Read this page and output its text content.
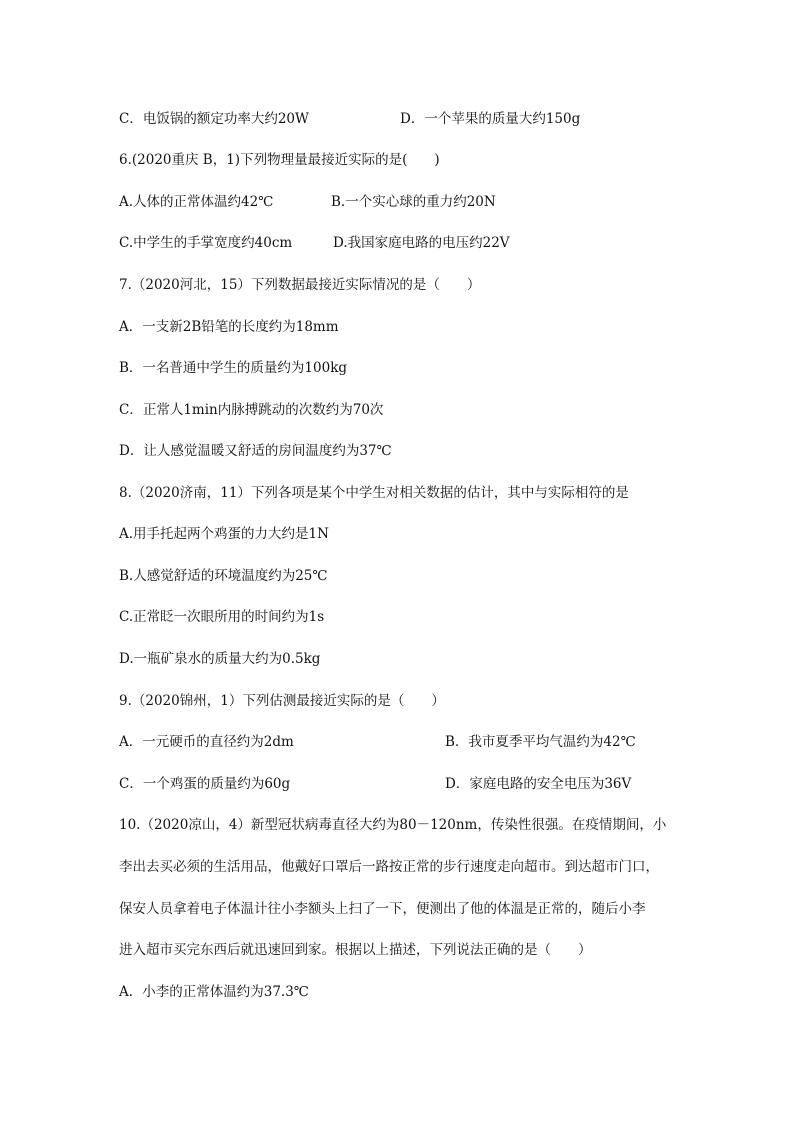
C．电饭锅的额定功率大约20W	D．一个苹果的质量大约150g
6.(2020重庆 B，1)下列物理量最接近实际的是(　　)
A.人体的正常体温约42℃	B.一个实心球的重力约20N
C.中学生的手掌宽度约40cm	D.我国家庭电路的电压约22V
7.（2020河北，15）下列数据最接近实际情况的是（　　）
A．一支新2B铅笔的长度约为18mm
B．一名普通中学生的质量约为100kg
C．正常人1min内脉搏跳动的次数约为70次
D．让人感觉温暖又舒适的房间温度约为37℃
8.（2020济南，11）下列各项是某个中学生对相关数据的估计，其中与实际相符的是
A.用手托起两个鸡蛋的力大约是1N
B.人感觉舒适的环境温度约为25℃
C.正常眨一次眼所用的时间约为1s
D.一瓶矿泉水的质量大约为0.5kg
9.（2020锦州，1）下列估测最接近实际的是（　　）
A．一元硬币的直径约为2dm	B．我市夏季平均气温约为42℃
C．一个鸡蛋的质量约为60g	D．家庭电路的安全电压为36V
10.（2020凉山，4）新型冠状病毒直径大约为80－120nm，传染性很强。在疫情期间，小
李出去买必须的生活用品，他戴好口罩后一路按正常的步行速度走向超市。到达超市门口，
保安人员拿着电子体温计往小李额头上扫了一下，便测出了他的体温是正常的，随后小李
进入超市买完东西后就迅速回到家。根据以上描述，下列说法正确的是（　　）
A．小李的正常体温约为37.3℃
